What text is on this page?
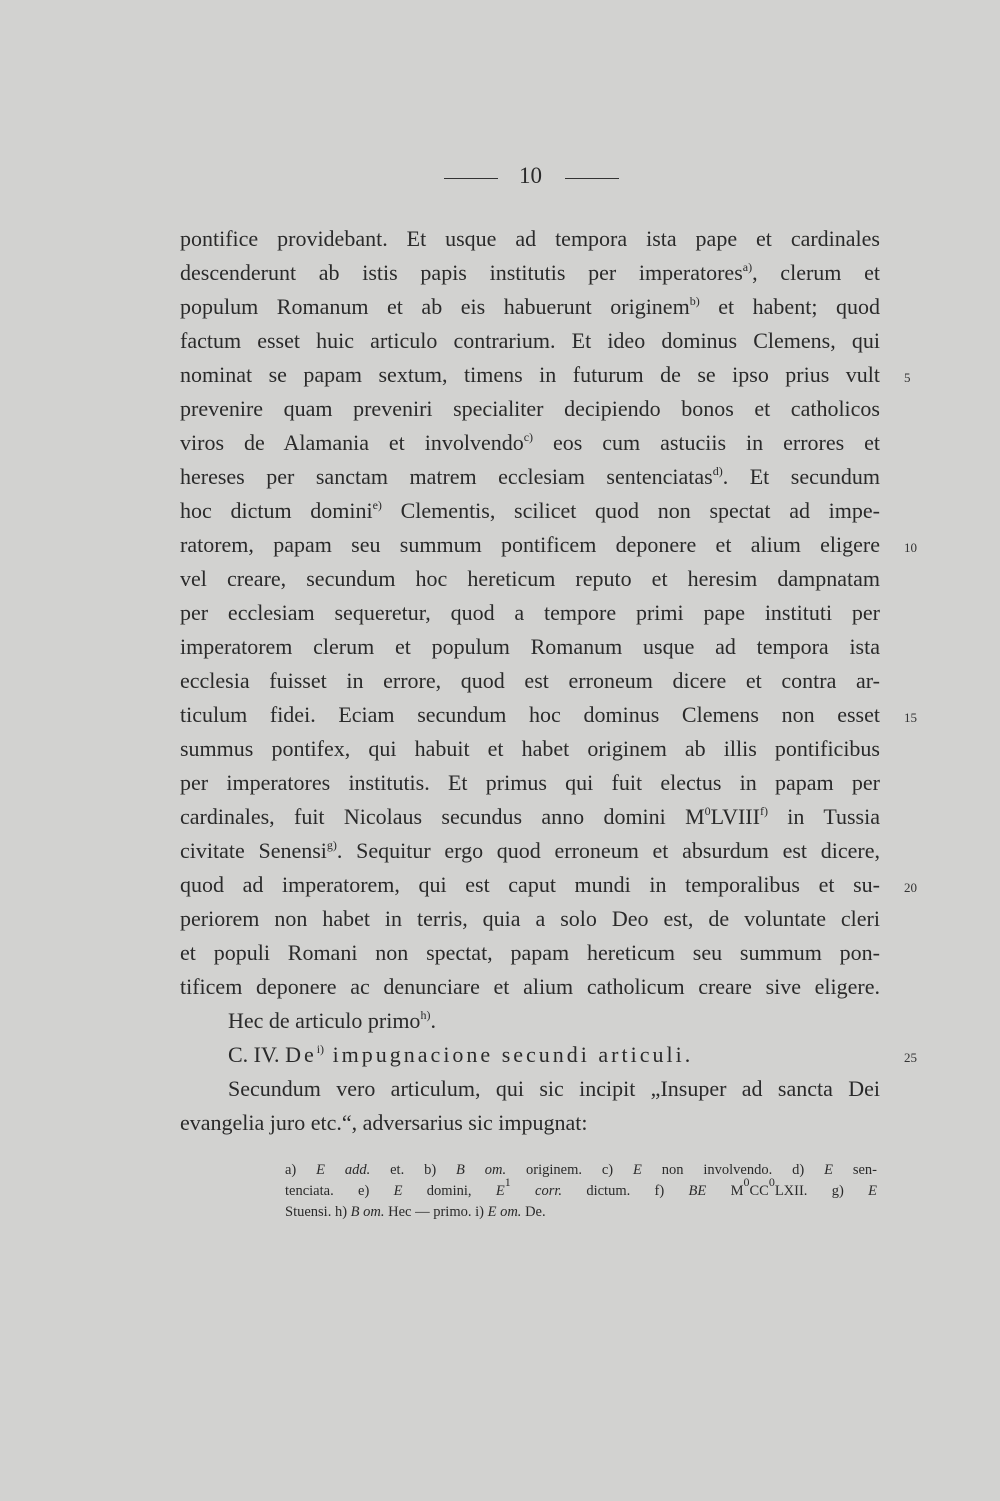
10
pontifice providebant. Et usque ad tempora ista pape et cardinales
descenderunt ab istis papis institutis per imperatores$^{a)}$, clerum et
populum Romanum et ab eis habuerunt originem$^{b)}$ et habent; quod
factum esset huic articulo contrarium. Et ideo dominus Clemens, qui
nominat se papam sextum, timens in futurum de se ipso prius vult
prevenire quam preveniri specialiter decipiendo bonos et catholicos
viros de Alamania et involvendo$^{c)}$ eos cum astuciis in errores et
hereses per sanctam matrem ecclesiam sentenciatas$^{d)}$. Et secundum
hoc dictum domini$^{e)}$ Clementis, scilicet quod non spectat ad impe-
ratorem, papam seu summum pontificem deponere et alium eligere
vel creare, secundum hoc hereticum reputo et heresim dampnatam
per ecclesiam sequeretur, quod a tempore primi pape instituti per
imperatorem clerum et populum Romanum usque ad tempora ista
ecclesia fuisset in errore, quod est erroneum dicere et contra ar-
ticulum fidei. Eciam secundum hoc dominus Clemens non esset
summus pontifex, qui habuit et habet originem ab illis pontificibus
per imperatores institutis. Et primus qui fuit electus in papam per
cardinales, fuit Nicolaus secundus anno domini $M^0LVIII^{f)}$ in Tussia
civitate Senensi$^{g)}$. Sequitur ergo quod erroneum et absurdum est dicere,
quod ad imperatorem, qui est caput mundi in temporalibus et su-
periorem non habet in terris, quia a solo Deo est, de voluntate cleri
et populi Romani non spectat, papam hereticum seu summum pon-
tificem deponere ac denunciare et alium catholicum creare sive eligere.
Hec de articulo primo$^{h)}$.
C. IV. De$^{i)}$ impugnacione secundi articuli.
Secundum vero articulum, qui sic incipit „Insuper ad sancta Dei
evangelia juro etc.“, adversarius sic impugnat:
5
10
15
20
25
a) E add. et. b) B om. originem. c) E non involvendo. d) E sen-
tenciata. e) E domini, $E^1$ corr. dictum. f) BE $M^0CC^0LXII$. g) E
Stuensi. h) B om. Hec — primo. i) E om. De.
